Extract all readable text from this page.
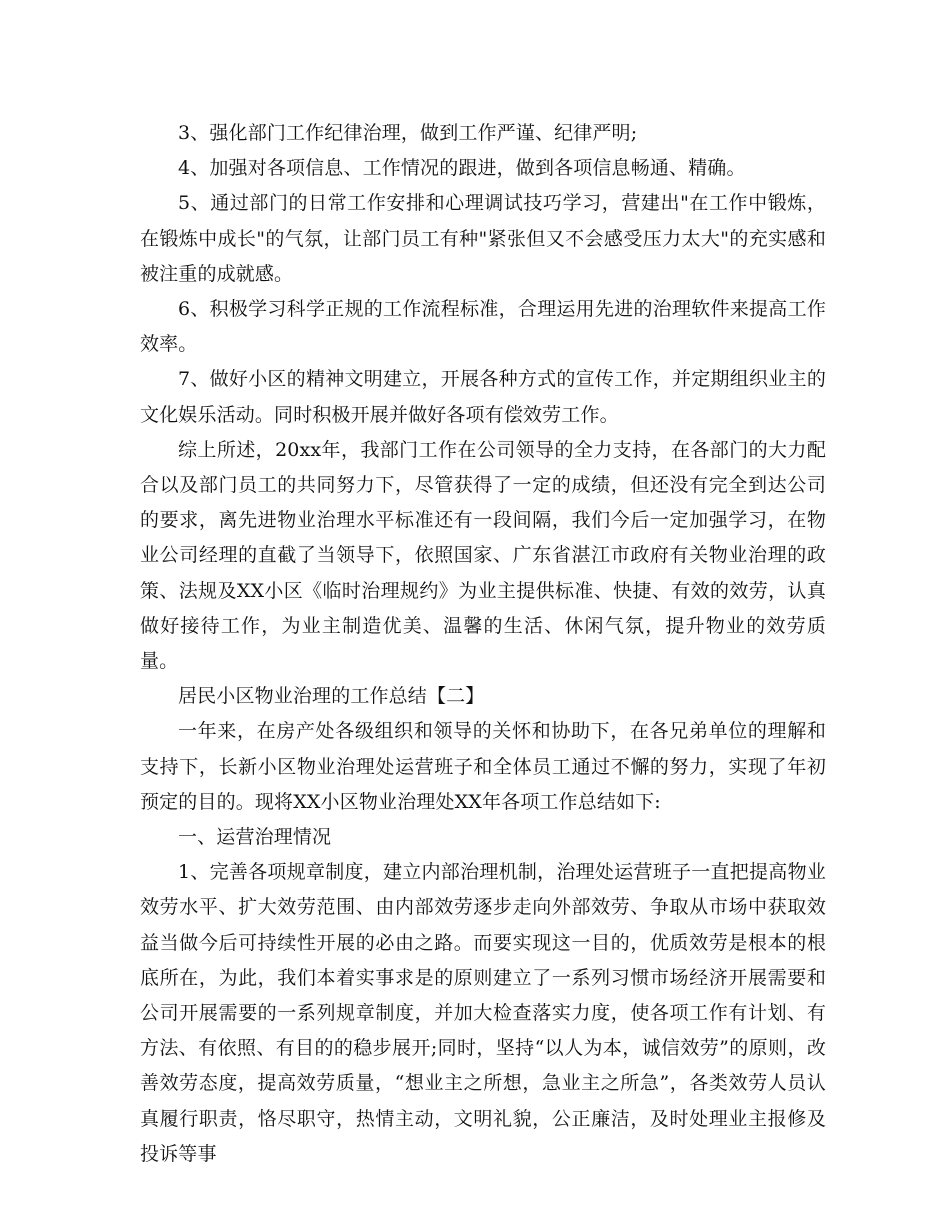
3、强化部门工作纪律治理，做到工作严谨、纪律严明;

4、加强对各项信息、工作情况的跟进，做到各项信息畅通、精确。

5、通过部门的日常工作安排和心理调试技巧学习，营建出"在工作中锻炼，在锻炼中成长"的气氛，让部门员工有种"紧张但又不会感受压力太大"的充实感和被注重的成就感。

6、积极学习科学正规的工作流程标准，合理运用先进的治理软件来提高工作效率。

7、做好小区的精神文明建立，开展各种方式的宣传工作，并定期组织业主的文化娱乐活动。同时积极开展并做好各项有偿效劳工作。

综上所述，20xx年，我部门工作在公司领导的全力支持，在各部门的大力配合以及部门员工的共同努力下，尽管获得了一定的成绩，但还没有完全到达公司的要求，离先进物业治理水平标准还有一段间隔，我们今后一定加强学习，在物业公司经理的直截了当领导下，依照国家、广东省湛江市政府有关物业治理的政策、法规及XX小区《临时治理规约》为业主提供标准、快捷、有效的效劳，认真做好接待工作，为业主制造优美、温馨的生活、休闲气氛，提升物业的效劳质量。

居民小区物业治理的工作总结【二】

一年来，在房产处各级组织和领导的关怀和协助下，在各兄弟单位的理解和支持下，长新小区物业治理处运营班子和全体员工通过不懈的努力，实现了年初预定的目的。现将XX小区物业治理处XX年各项工作总结如下:

一、运营治理情况

1、完善各项规章制度，建立内部治理机制，治理处运营班子一直把提高物业效劳水平、扩大效劳范围、由内部效劳逐步走向外部效劳、争取从市场中获取效益当做今后可持续性开展的必由之路。而要实现这一目的，优质效劳是根本的根底所在，为此，我们本着实事求是的原则建立了一系列习惯市场经济开展需要和公司开展需要的一系列规章制度，并加大检查落实力度，使各项工作有计划、有方法、有依照、有目的的稳步展开;同时，坚持“以人为本，诚信效劳”的原则，改善效劳态度，提高效劳质量，“想业主之所想，急业主之所急”，各类效劳人员认真履行职责，恪尽职守，热情主动，文明礼貌，公正廉洁，及时处理业主报修及投诉等事
